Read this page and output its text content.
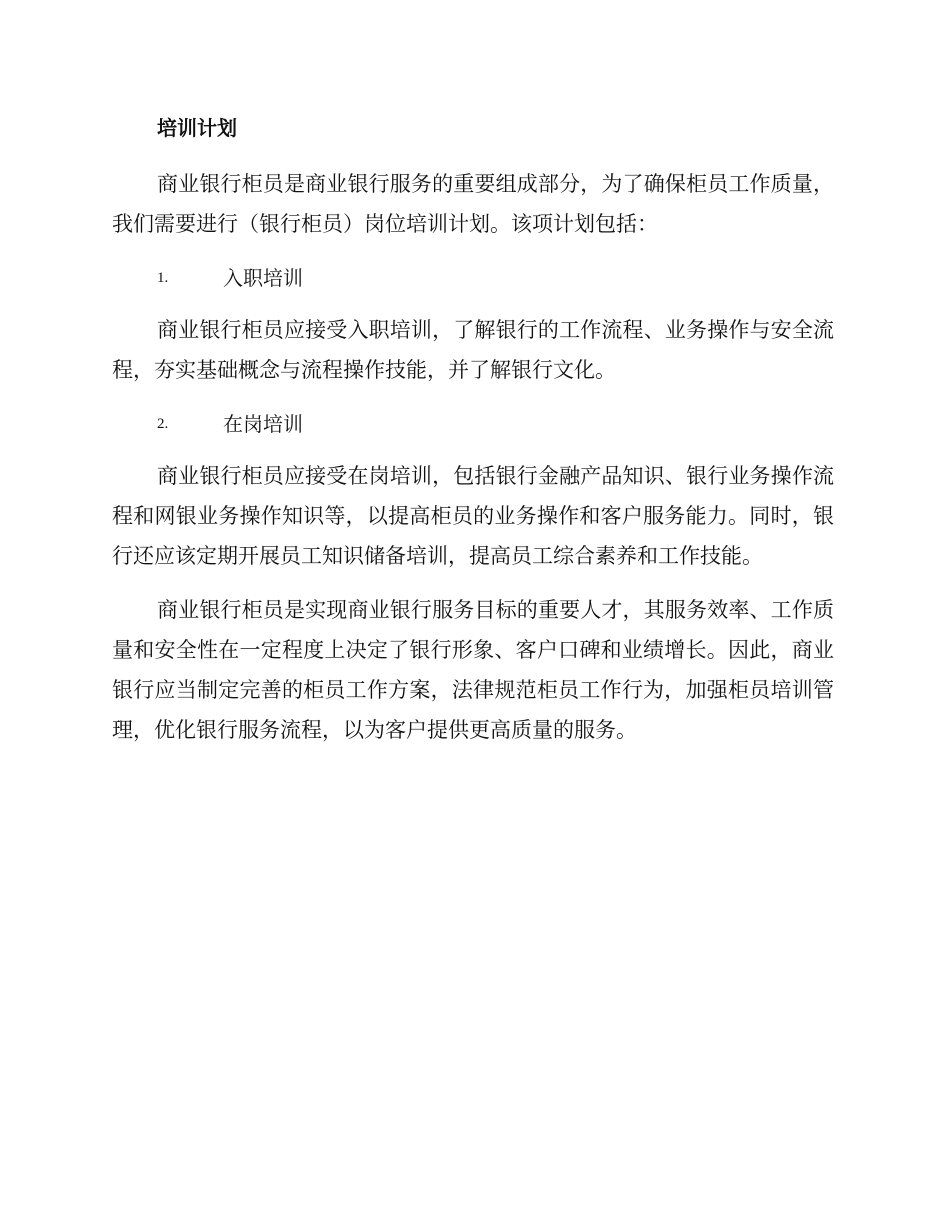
培训计划

商业银行柜员是商业银行服务的重要组成部分，为了确保柜员工作质量，我们需要进行（银行柜员）岗位培训计划。该项计划包括：

1.	入职培训

商业银行柜员应接受入职培训，了解银行的工作流程、业务操作与安全流程，夯实基础概念与流程操作技能，并了解银行文化。

2.	在岗培训

商业银行柜员应接受在岗培训，包括银行金融产品知识、银行业务操作流程和网银业务操作知识等，以提高柜员的业务操作和客户服务能力。同时，银行还应该定期开展员工知识储备培训，提高员工综合素养和工作技能。

商业银行柜员是实现商业银行服务目标的重要人才，其服务效率、工作质量和安全性在一定程度上决定了银行形象、客户口碑和业绩增长。因此，商业银行应当制定完善的柜员工作方案，法律规范柜员工作行为，加强柜员培训管理，优化银行服务流程，以为客户提供更高质量的服务。
